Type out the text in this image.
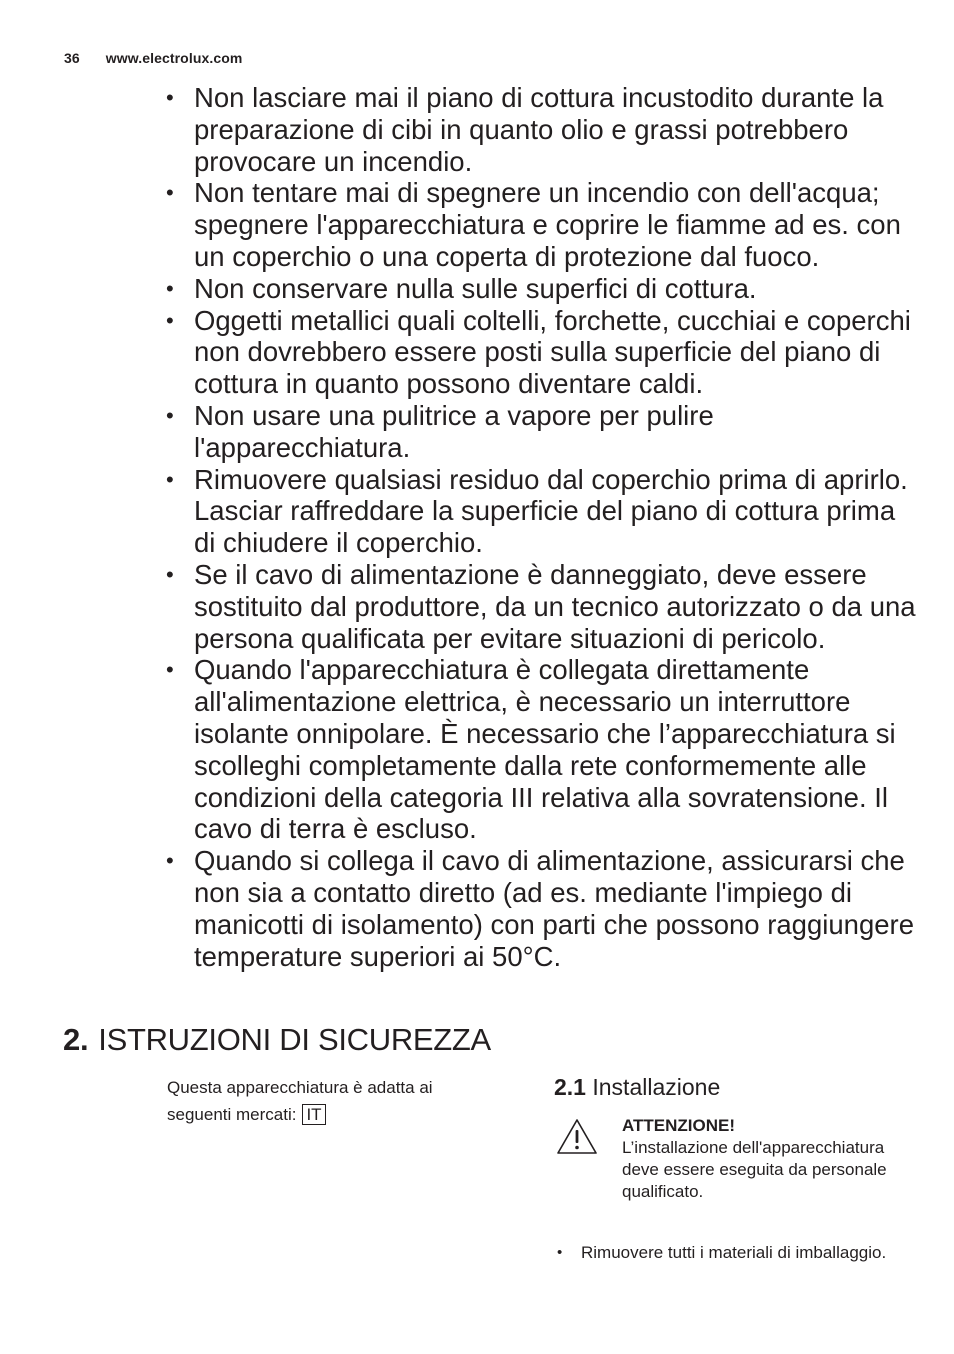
36 www.electrolux.com
• Non lasciare mai il piano di cottura incustodito durante la preparazione di cibi in quanto olio e grassi potrebbero provocare un incendio.
• Non tentare mai di spegnere un incendio con dell'acqua; spegnere l'apparecchiatura e coprire le fiamme ad es. con un coperchio o una coperta di protezione dal fuoco.
• Non conservare nulla sulle superfici di cottura.
• Oggetti metallici quali coltelli, forchette, cucchiai e coperchi non dovrebbero essere posti sulla superficie del piano di cottura in quanto possono diventare caldi.
• Non usare una pulitrice a vapore per pulire l'apparecchiatura.
• Rimuovere qualsiasi residuo dal coperchio prima di aprirlo. Lasciar raffreddare la superficie del piano di cottura prima di chiudere il coperchio.
• Se il cavo di alimentazione è danneggiato, deve essere sostituito dal produttore, da un tecnico autorizzato o da una persona qualificata per evitare situazioni di pericolo.
• Quando l'apparecchiatura è collegata direttamente all'alimentazione elettrica, è necessario un interruttore isolante onnipolare. È necessario che l’apparecchiatura si scolleghi completamente dalla rete conformemente alle condizioni della categoria III relativa alla sovratensione. Il cavo di terra è escluso.
• Quando si collega il cavo di alimentazione, assicurarsi che non sia a contatto diretto (ad es. mediante l'impiego di manicotti di isolamento) con parti che possono raggiungere temperature superiori ai 50°C.
2. ISTRUZIONI DI SICUREZZA
Questa apparecchiatura è adatta ai seguenti mercati: IT
2.1 Installazione
ATTENZIONE!
L’installazione dell'apparecchiatura deve essere eseguita da personale qualificato.
• Rimuovere tutti i materiali di imballaggio.
